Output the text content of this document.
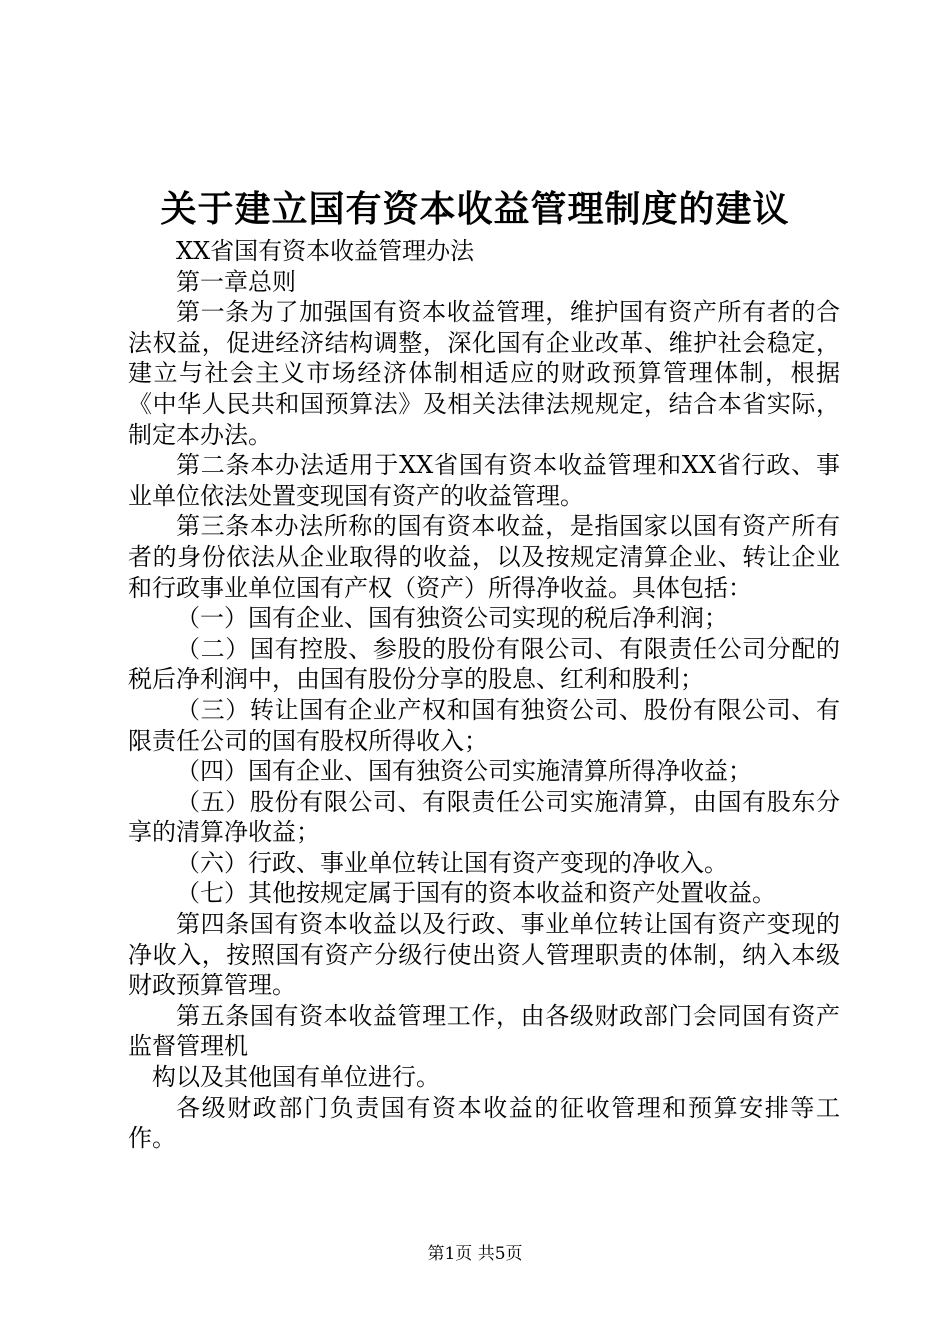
关于建立国有资本收益管理制度的建议

XX省国有资本收益管理办法

第一章总则

第一条为了加强国有资本收益管理，维护国有资产所有者的合法权益，促进经济结构调整，深化国有企业改革、维护社会稳定，建立与社会主义市场经济体制相适应的财政预算管理体制，根据《中华人民共和国预算法》及相关法律法规规定，结合本省实际，制定本办法。

第二条本办法适用于XX省国有资本收益管理和XX省行政、事业单位依法处置变现国有资产的收益管理。

第三条本办法所称的国有资本收益，是指国家以国有资产所有者的身份依法从企业取得的收益，以及按规定清算企业、转让企业和行政事业单位国有产权（资产）所得净收益。具体包括：

（一）国有企业、国有独资公司实现的税后净利润；

（二）国有控股、参股的股份有限公司、有限责任公司分配的税后净利润中，由国有股份分享的股息、红利和股利；

（三）转让国有企业产权和国有独资公司、股份有限公司、有限责任公司的国有股权所得收入；

（四）国有企业、国有独资公司实施清算所得净收益；

（五）股份有限公司、有限责任公司实施清算，由国有股东分享的清算净收益；

（六）行政、事业单位转让国有资产变现的净收入。

（七）其他按规定属于国有的资本收益和资产处置收益。

第四条国有资本收益以及行政、事业单位转让国有资产变现的净收入，按照国有资产分级行使出资人管理职责的体制，纳入本级财政预算管理。

第五条国有资本收益管理工作，由各级财政部门会同国有资产监督管理机

构以及其他国有单位进行。

各级财政部门负责国有资本收益的征收管理和预算安排等工作。

第1页 共5页
